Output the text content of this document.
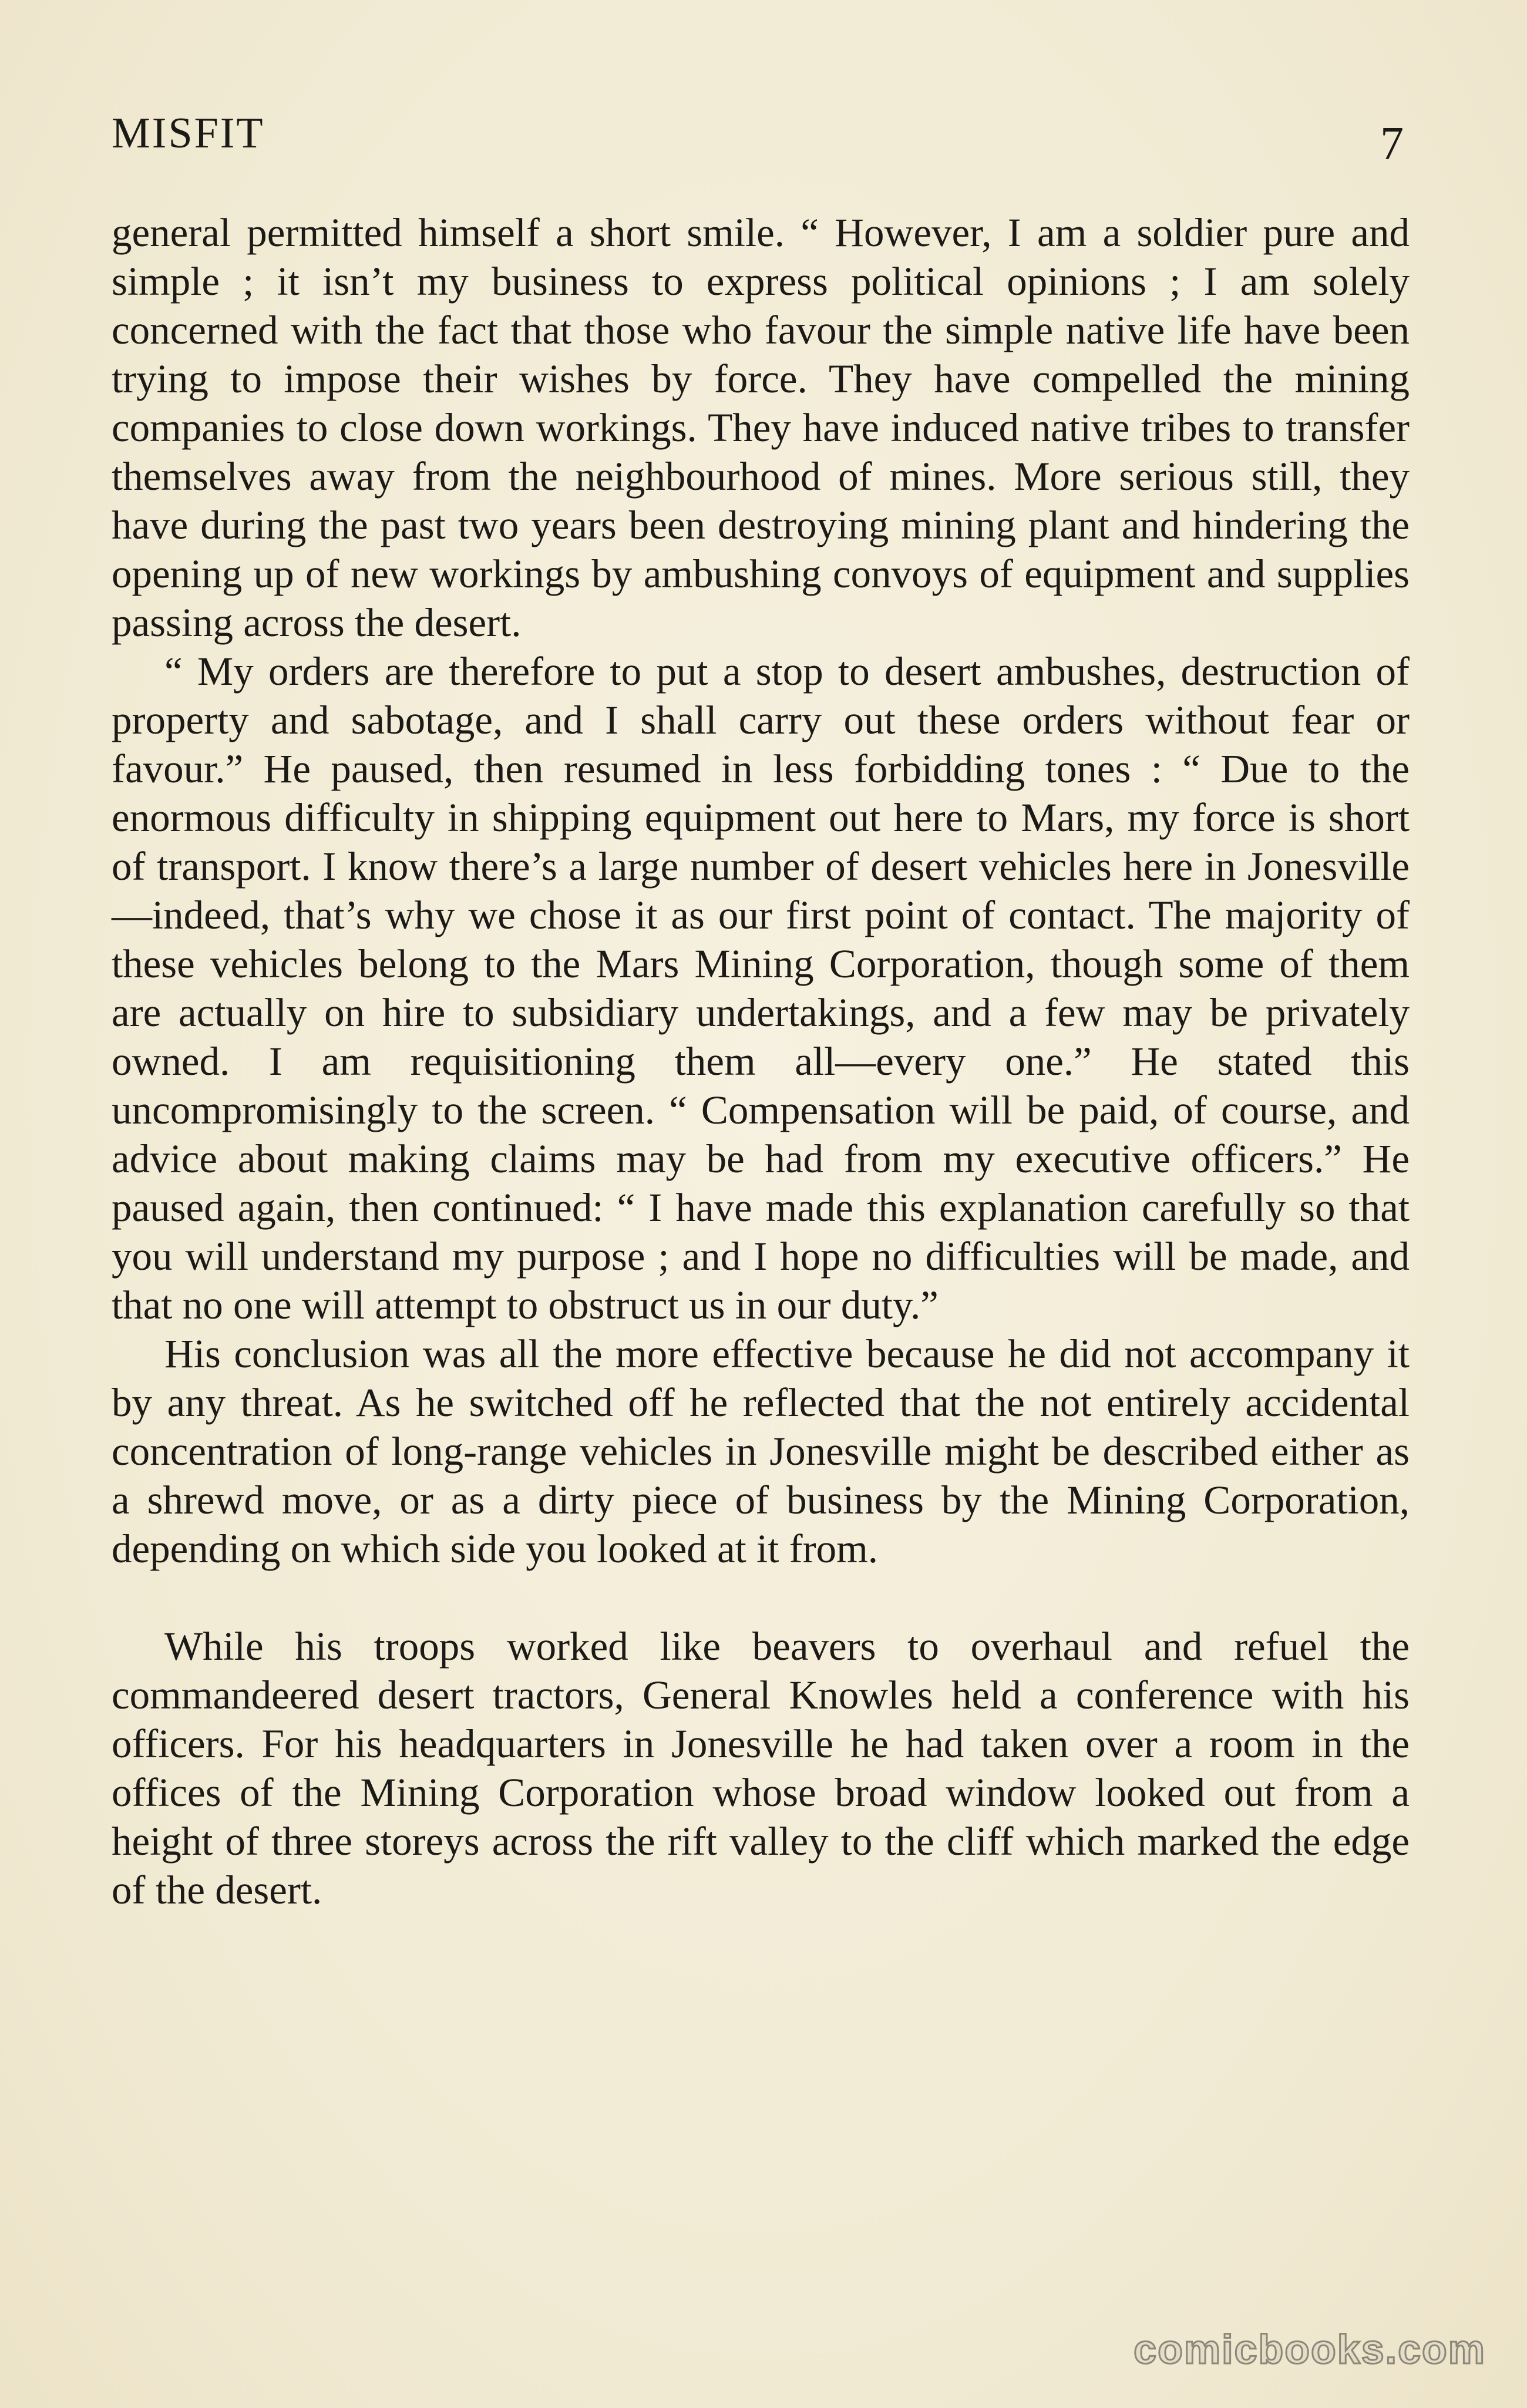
MISFIT	7

general permitted himself a short smile. “ However, I am a soldier pure and simple ; it isn’t my business to express political opinions ; I am solely concerned with the fact that those who favour the simple native life have been trying to impose their wishes by force. They have compelled the mining companies to close down workings. They have induced native tribes to transfer themselves away from the neighbourhood of mines. More serious still, they have during the past two years been destroying mining plant and hindering the opening up of new workings by ambushing convoys of equipment and supplies passing across the desert.

“ My orders are therefore to put a stop to desert ambushes, destruction of property and sabotage, and I shall carry out these orders without fear or favour.” He paused, then resumed in less forbidding tones : “ Due to the enormous difficulty in shipping equipment out here to Mars, my force is short of transport. I know there’s a large number of desert vehicles here in Jonesville—indeed, that’s why we chose it as our first point of contact. The majority of these vehicles belong to the Mars Mining Corporation, though some of them are actually on hire to subsidiary undertakings, and a few may be privately owned. I am requisitioning them all—every one.” He stated this uncompromisingly to the screen. “ Compensation will be paid, of course, and advice about making claims may be had from my executive officers.” He paused again, then continued: “ I have made this explanation carefully so that you will understand my purpose ; and I hope no difficulties will be made, and that no one will attempt to obstruct us in our duty.”

His conclusion was all the more effective because he did not accompany it by any threat. As he switched off he reflected that the not entirely accidental concentration of long-range vehicles in Jonesville might be described either as a shrewd move, or as a dirty piece of business by the Mining Corporation, depending on which side you looked at it from.

While his troops worked like beavers to overhaul and refuel the commandeered desert tractors, General Knowles held a conference with his officers. For his headquarters in Jonesville he had taken over a room in the offices of the Mining Corporation whose broad window looked out from a height of three storeys across the rift valley to the cliff which marked the edge of the desert.

comicbooks.com
